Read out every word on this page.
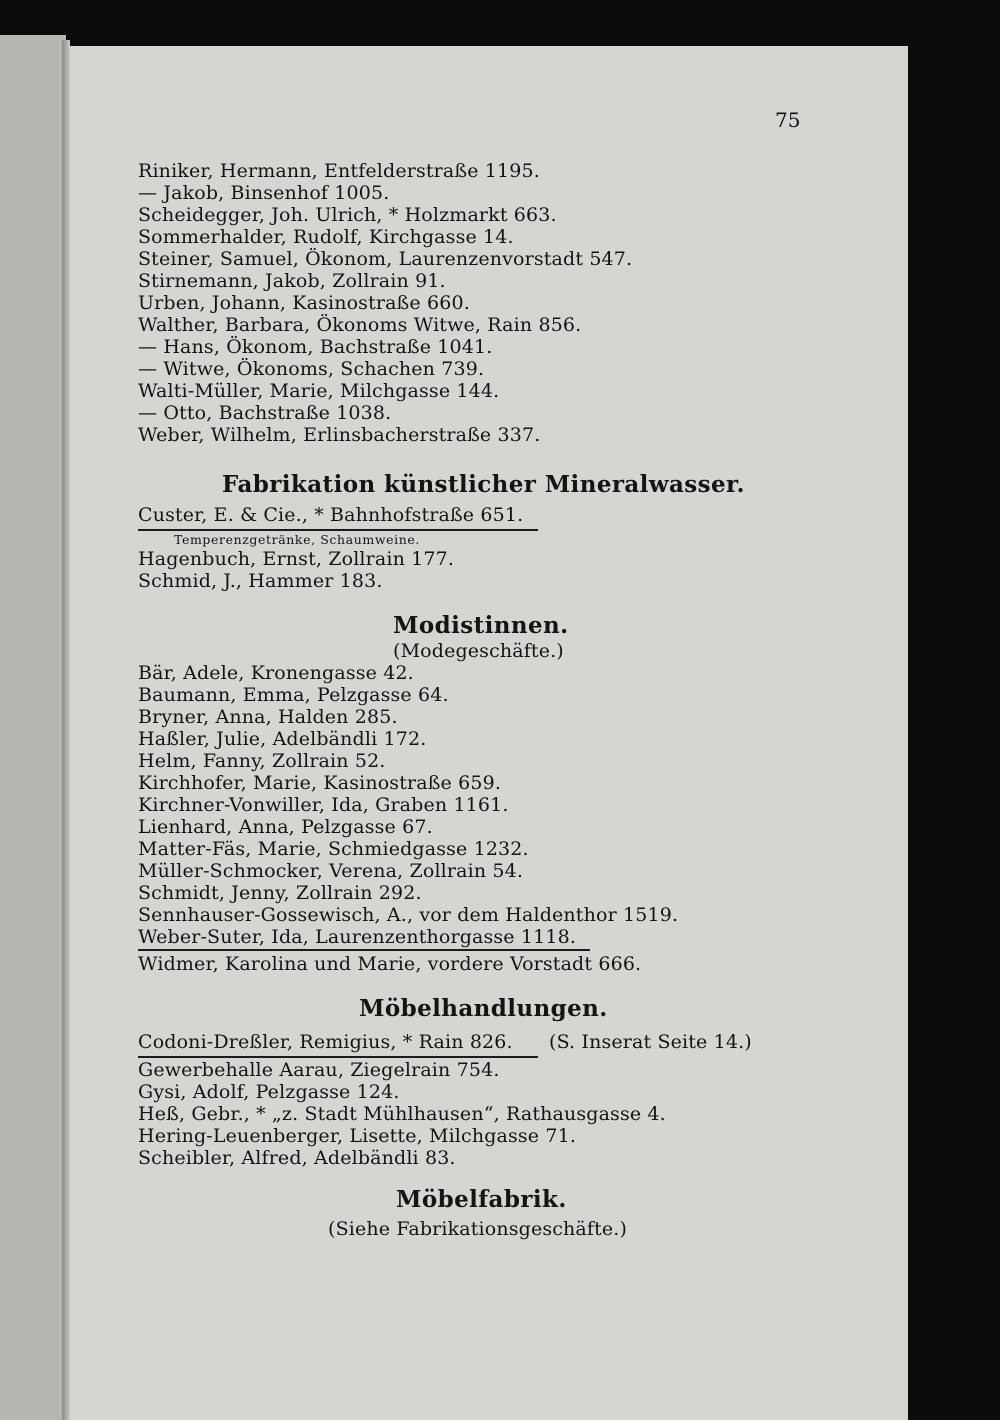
75
Riniker, Hermann, Entfelderstraße 1195.
— Jakob, Binsenhof 1005.
Scheidegger, Joh. Ulrich, * Holzmarkt 663.
Sommerhalder, Rudolf, Kirchgasse 14.
Steiner, Samuel, Ökonom, Laurenzenvorstadt 547.
Stirnemann, Jakob, Zollrain 91.
Urben, Johann, Kasinostraße 660.
Walther, Barbara, Ökonoms Witwe, Rain 856.
— Hans, Ökonom, Bachstraße 1041.
— Witwe, Ökonoms, Schachen 739.
Walti-Müller, Marie, Milchgasse 144.
— Otto, Bachstraße 1038.
Weber, Wilhelm, Erlinsbacherstraße 337.
Fabrikation künstlicher Mineralwasser.
Custer, E. & Cie., * Bahnhofstraße 651.
Temperenzgetränke, Schaumweine.
Hagenbuch, Ernst, Zollrain 177.
Schmid, J., Hammer 183.
Modistinnen.
(Modegeschäfte.)
Bär, Adele, Kronengasse 42.
Baumann, Emma, Pelzgasse 64.
Bryner, Anna, Halden 285.
Haßler, Julie, Adelbändli 172.
Helm, Fanny, Zollrain 52.
Kirchhofer, Marie, Kasinostraße 659.
Kirchner-Vonwiller, Ida, Graben 1161.
Lienhard, Anna, Pelzgasse 67.
Matter-Fäs, Marie, Schmiedgasse 1232.
Müller-Schmocker, Verena, Zollrain 54.
Schmidt, Jenny, Zollrain 292.
Sennhauser-Gossewisch, A., vor dem Haldenthor 1519.
Weber-Suter, Ida, Laurenzenthorgasse 1118.
Widmer, Karolina und Marie, vordere Vorstadt 666.
Möbelhandlungen.
Codoni-Dreßler, Remigius, * Rain 826. (S. Inserat Seite 14.)
Gewerbehalle Aarau, Ziegelrain 754.
Gysi, Adolf, Pelzgasse 124.
Heß, Gebr., * „z. Stadt Mühlhausen“, Rathausgasse 4.
Hering-Leuenberger, Lisette, Milchgasse 71.
Scheibler, Alfred, Adelbändli 83.
Möbelfabrik.
(Siehe Fabrikationsgeschäfte.)
